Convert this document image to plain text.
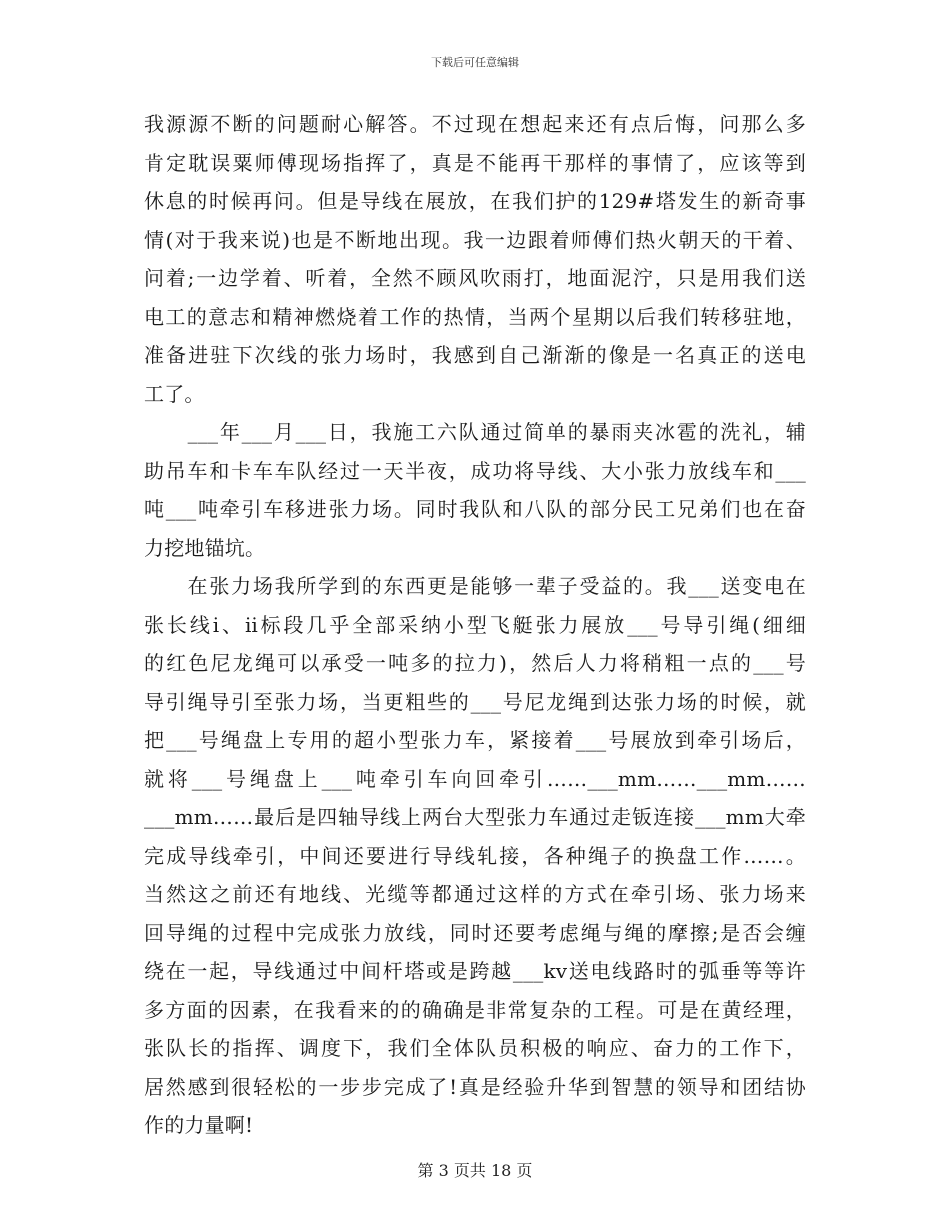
下载后可任意编辑
我源源不断的问题耐心解答。不过现在想起来还有点后悔，问那么多
肯定耽误粟师傅现场指挥了，真是不能再干那样的事情了，应该等到
休息的时候再问。但是导线在展放，在我们护的129#塔发生的新奇事
情(对于我来说)也是不断地出现。我一边跟着师傅们热火朝天的干着、
问着;一边学着、听着，全然不顾风吹雨打，地面泥泞，只是用我们送
电工的意志和精神燃烧着工作的热情，当两个星期以后我们转移驻地，
准备进驻下次线的张力场时，我感到自己渐渐的像是一名真正的送电
工了。
　　___年___月___日，我施工六队通过简单的暴雨夹冰雹的洗礼，辅
助吊车和卡车车队经过一天半夜，成功将导线、大小张力放线车和___
吨___吨牵引车移进张力场。同时我队和八队的部分民工兄弟们也在奋
力挖地锚坑。
　　在张力场我所学到的东西更是能够一辈子受益的。我___送变电在
张长线ⅰ、ⅱ标段几乎全部采纳小型飞艇张力展放___号导引绳(细细
的红色尼龙绳可以承受一吨多的拉力)，然后人力将稍粗一点的___号
导引绳导引至张力场，当更粗些的___号尼龙绳到达张力场的时候，就
把___号绳盘上专用的超小型张力车，紧接着___号展放到牵引场后，
就将___号绳盘上___吨牵引车向回牵引……___mm……___mm……
___mm……最后是四轴导线上两台大型张力车通过走钣连接___mm大牵
完成导线牵引，中间还要进行导线轧接，各种绳子的换盘工作……。
当然这之前还有地线、光缆等都通过这样的方式在牵引场、张力场来
回导绳的过程中完成张力放线，同时还要考虑绳与绳的摩擦;是否会缠
绕在一起，导线通过中间杆塔或是跨越___kv送电线路时的弧垂等等许
多方面的因素，在我看来的的确确是非常复杂的工程。可是在黄经理，
张队长的指挥、调度下，我们全体队员积极的响应、奋力的工作下，
居然感到很轻松的一步步完成了!真是经验升华到智慧的领导和团结协
作的力量啊!
第 3 页共 18 页
